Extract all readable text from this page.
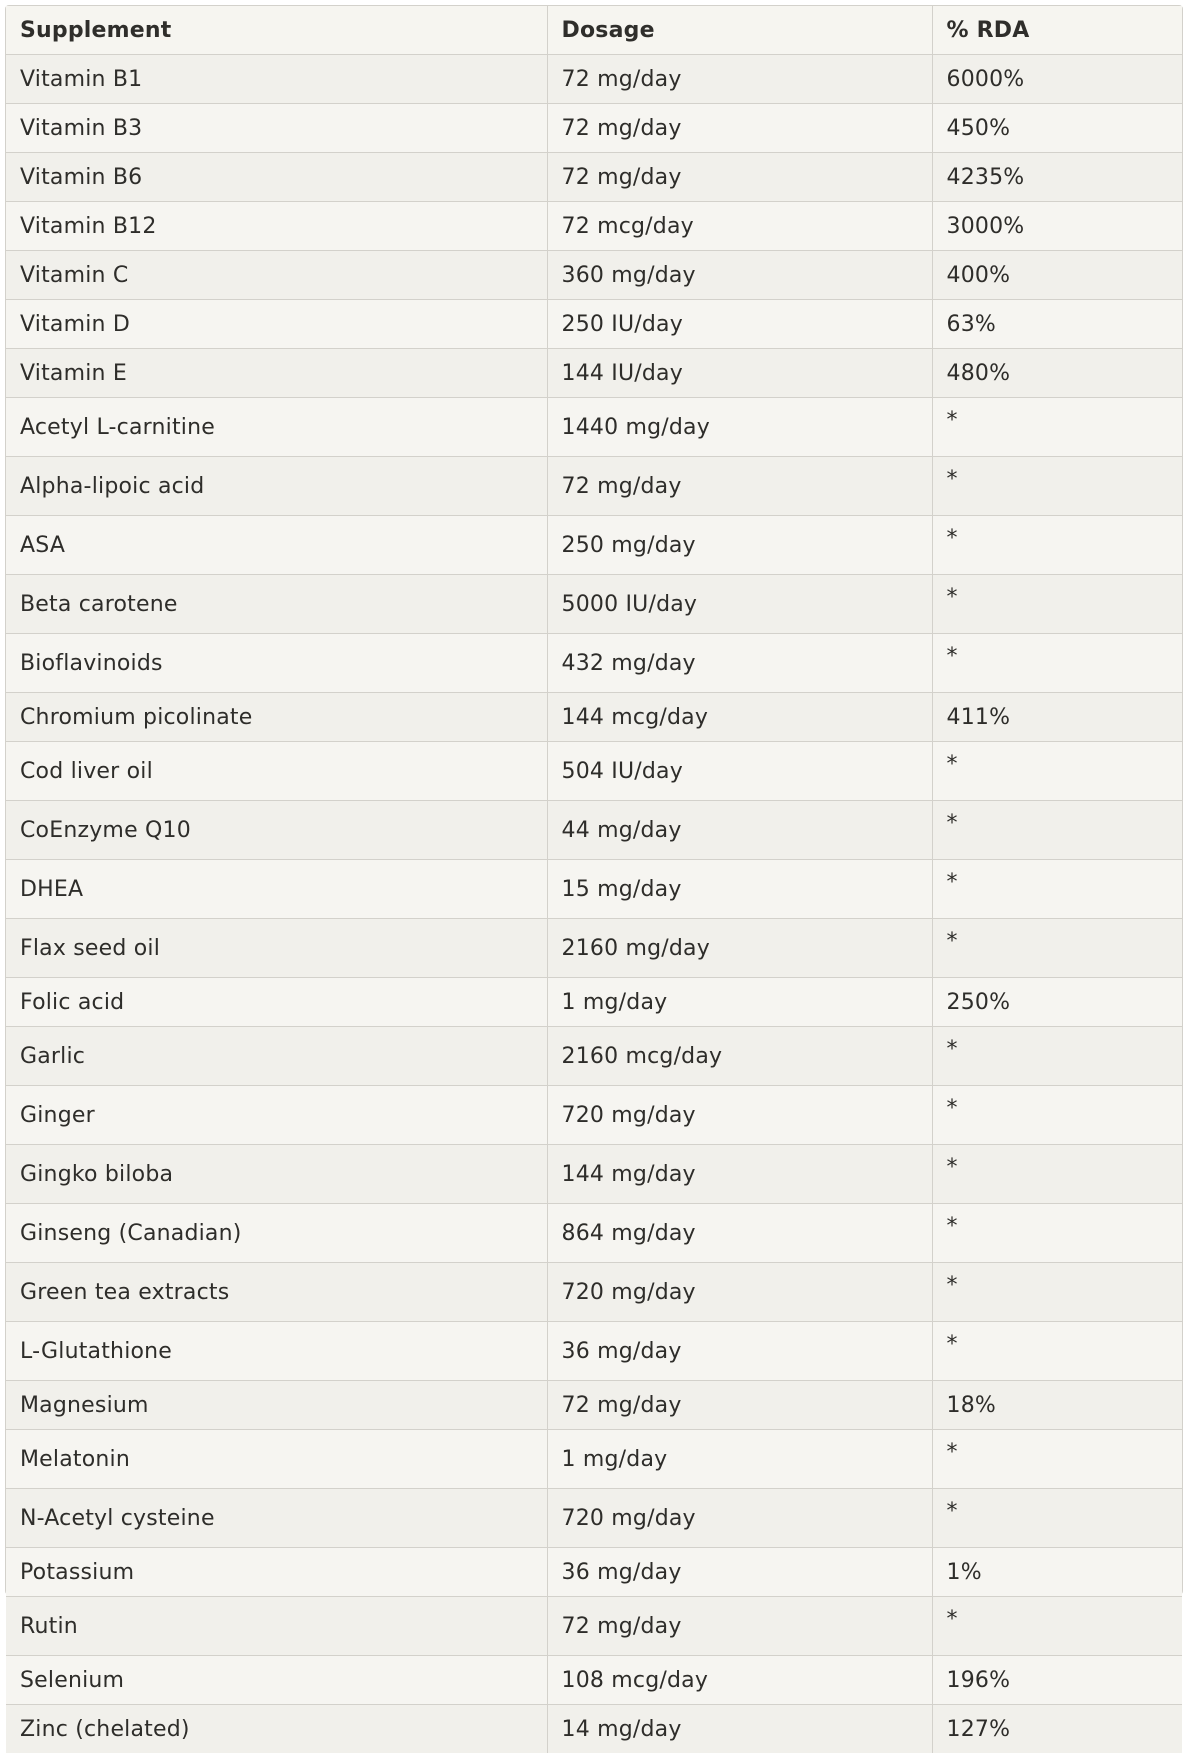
Supplement	Dosage	% RDA
Vitamin B1	72 mg/day	6000%
Vitamin B3	72 mg/day	450%
Vitamin B6	72 mg/day	4235%
Vitamin B12	72 mcg/day	3000%
Vitamin C	360 mg/day	400%
Vitamin D	250 IU/day	63%
Vitamin E	144 IU/day	480%
Acetyl L-carnitine	1440 mg/day	*
Alpha-lipoic acid	72 mg/day	*
ASA	250 mg/day	*
Beta carotene	5000 IU/day	*
Bioflavinoids	432 mg/day	*
Chromium picolinate	144 mcg/day	411%
Cod liver oil	504 IU/day	*
CoEnzyme Q10	44 mg/day	*
DHEA	15 mg/day	*
Flax seed oil	2160 mg/day	*
Folic acid	1 mg/day	250%
Garlic	2160 mcg/day	*
Ginger	720 mg/day	*
Gingko biloba	144 mg/day	*
Ginseng (Canadian)	864 mg/day	*
Green tea extracts	720 mg/day	*
L-Glutathione	36 mg/day	*
Magnesium	72 mg/day	18%
Melatonin	1 mg/day	*
N-Acetyl cysteine	720 mg/day	*
Potassium	36 mg/day	1%
Rutin	72 mg/day	*
Selenium	108 mcg/day	196%
Zinc (chelated)	14 mg/day	127%
